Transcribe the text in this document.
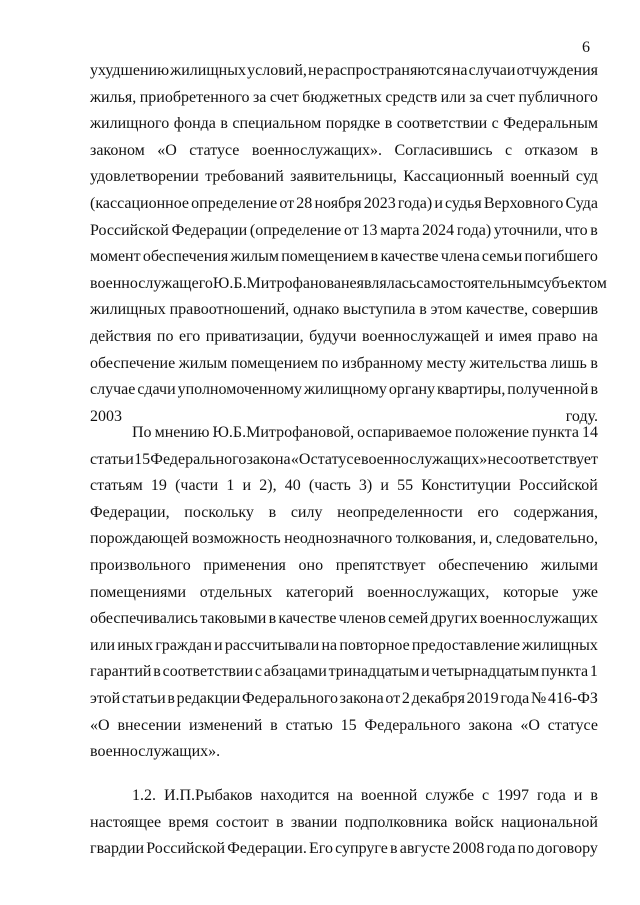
6
ухудшению жилищных условий, не распространяются на случаи отчуждения
жилья, приобретенного за счет бюджетных средств или за счет публичного
жилищного фонда в специальном порядке в соответствии с Федеральным
законом «О статусе военнослужащих». Согласившись с отказом в
удовлетворении требований заявительницы, Кассационный военный суд
(кассационное определение от 28 ноября 2023 года) и судья Верховного Суда
Российской Федерации (определение от 13 марта 2024 года) уточнили, что в
момент обеспечения жилым помещением в качестве члена семьи погибшего
военнослужащего Ю.Б.Митрофанова не являлась самостоятельным субъектом
жилищных правоотношений, однако выступила в этом качестве, совершив
действия по его приватизации, будучи военнослужащей и имея право на
обеспечение жилым помещением по избранному месту жительства лишь в
случае сдачи уполномоченному жилищному органу квартиры, полученной в
2003 году.
По мнению Ю.Б.Митрофановой, оспариваемое положение пункта 14
статьи 15 Федерального закона «О статусе военнослужащих» не соответствует
статьям 19 (части 1 и 2), 40 (часть 3) и 55 Конституции Российской
Федерации, поскольку в силу неопределенности его содержания,
порождающей возможность неоднозначного толкования, и, следовательно,
произвольного применения оно препятствует обеспечению жилыми
помещениями отдельных категорий военнослужащих, которые уже
обеспечивались таковыми в качестве членов семей других военнослужащих
или иных граждан и рассчитывали на повторное предоставление жилищных
гарантий в соответствии с абзацами тринадцатым и четырнадцатым пункта 1
этой статьи в редакции Федерального закона от 2 декабря 2019 года № 416-ФЗ
«О внесении изменений в статью 15 Федерального закона «О статусе
военнослужащих».
1.2. И.П.Рыбаков находится на военной службе с 1997 года и в
настоящее время состоит в звании подполковника войск национальной
гвардии Российской Федерации. Его супруге в августе 2008 года по договору
